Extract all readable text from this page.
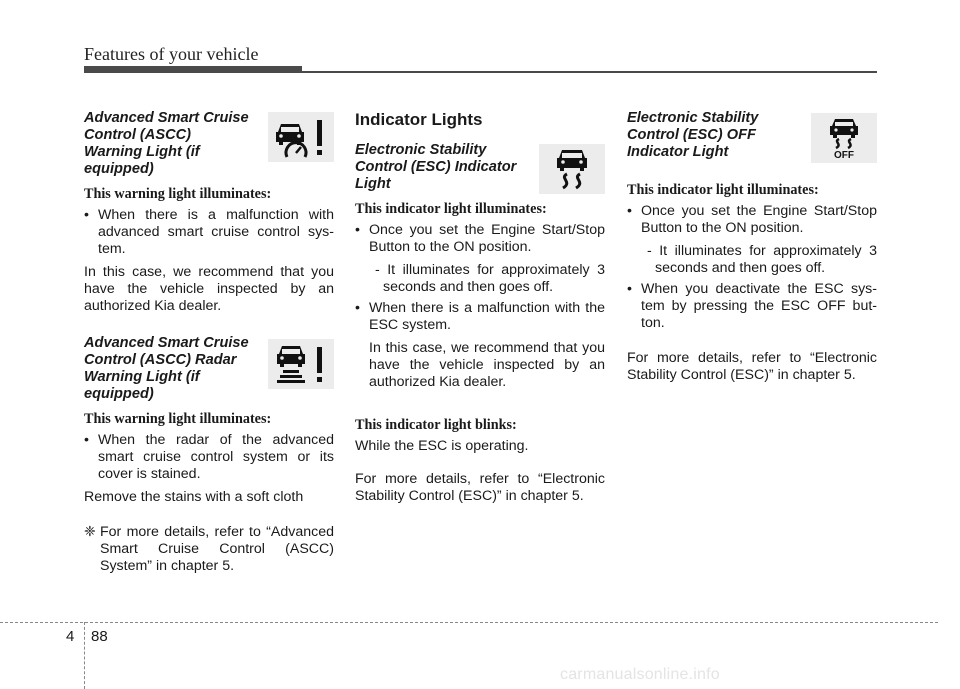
Features of your vehicle

Advanced Smart Cruise Control (ASCC) Warning Light (if equipped)

This warning light illuminates:
• When there is a malfunction with advanced smart cruise control sys-tem.

In this case, we recommend that you have the vehicle inspected by an authorized Kia dealer.

Advanced Smart Cruise Control (ASCC) Radar Warning Light (if equipped)

This warning light illuminates:
• When the radar of the advanced smart cruise control system or its cover is stained.

Remove the stains with a soft cloth

❈ For more details, refer to “Advanced Smart Cruise Control (ASCC) System” in chapter 5.
Indicator Lights

Electronic Stability Control (ESC) Indicator Light

This indicator light illuminates:
• Once you set the Engine Start/Stop Button to the ON position.
- It illuminates for approximately 3 seconds and then goes off.
• When there is a malfunction with the ESC system.

In this case, we recommend that you have the vehicle inspected by an authorized Kia dealer.

This indicator light blinks:

While the ESC is operating.

For more details, refer to “Electronic Stability Control (ESC)” in chapter 5.

Electronic Stability Control (ESC) OFF Indicator Light	OFF
This indicator light illuminates:
• Once you set the Engine Start/Stop Button to the ON position.
- It illuminates for approximately 3 seconds and then goes off.
• When you deactivate the ESC sys-tem by pressing the ESC OFF but-ton.

For more details, refer to “Electronic Stability Control (ESC)” in chapter 5.

4 88
carmanualsonline.info
